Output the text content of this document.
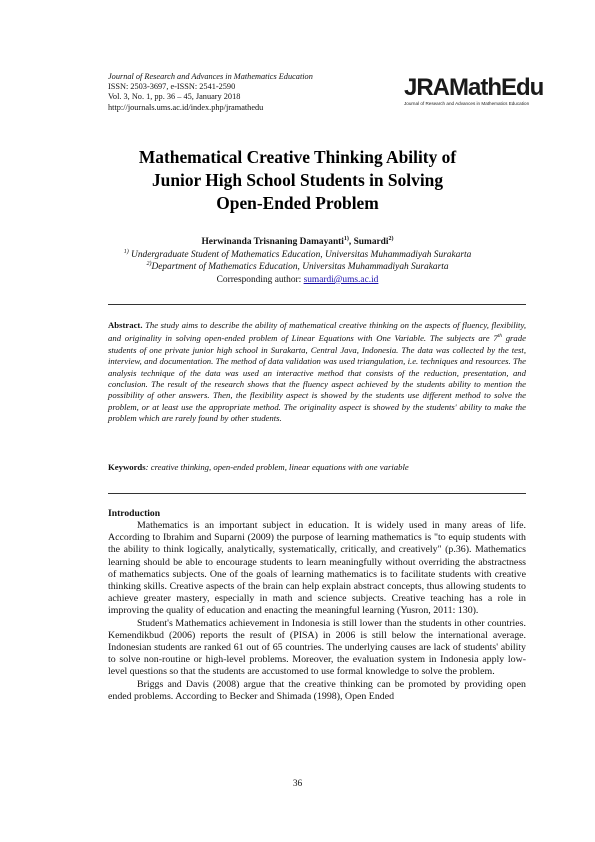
Journal of Research and Advances in Mathematics Education
ISSN: 2503-3697, e-ISSN: 2541-2590
Vol. 3, No. 1, pp. 36 – 45, January 2018
http://journals.ums.ac.id/index.php/jramathedu
JRAMathEdu
Journal of Research and Advances in Mathematics Education
Mathematical Creative Thinking Ability of
Junior High School Students in Solving
Open-Ended Problem
Herwinanda Trisnaning Damayanti$^{1)}$, Sumardi$^{2)}$
$^{1)}$ Undergraduate Student of Mathematics Education, Universitas Muhammadiyah Surakarta
$^{2)}$Department of Mathematics Education, Universitas Muhammadiyah Surakarta
Corresponding author: sumardi@ums.ac.id
Abstract. The study aims to describe the ability of mathematical creative thinking on the aspects of fluency, flexibility, and originality in solving open-ended problem of Linear Equations with One Variable. The subjects are 7th grade students of one private junior high school in Surakarta, Central Java, Indonesia. The data was collected by the test, interview, and documentation. The method of data validation was used triangulation, i.e. techniques and resources. The analysis technique of the data was used an interactive method that consists of the reduction, presentation, and conclusion. The result of the research shows that the fluency aspect achieved by the students ability to mention the possibility of other answers. Then, the flexibility aspect is showed by the students use different method to solve the problem, or at least use the appropriate method. The originality aspect is showed by the students' ability to make the problem which are rarely found by other students.
Keywords: creative thinking, open-ended problem, linear equations with one variable
Introduction

Mathematics is an important subject in education. It is widely used in many areas of life. According to Ibrahim and Suparni (2009) the purpose of learning mathematics is "to equip students with the ability to think logically, analytically, systematically, critically, and creatively" (p.36). Mathematics learning should be able to encourage students to learn meaningfully without overriding the abstractness of mathematics subjects. One of the goals of learning mathematics is to facilitate students with creative thinking skills. Creative aspects of the brain can help explain abstract concepts, thus allowing students to achieve greater mastery, especially in math and science subjects. Creative teaching has a role in improving the quality of education and enacting the meaningful learning (Yusron, 2011: 130).

Student's Mathematics achievement in Indonesia is still lower than the students in other countries. Kemendikbud (2006) reports the result of (PISA) in 2006 is still below the international average. Indonesian students are ranked 61 out of 65 countries. The underlying causes are lack of students' ability to solve non-routine or high-level problems. Moreover, the evaluation system in Indonesia apply low-level questions so that the students are accustomed to use formal knowledge to solve the problem.

Briggs and Davis (2008) argue that the creative thinking can be promoted by providing open ended problems. According to Becker and Shimada (1998), Open Ended

36
